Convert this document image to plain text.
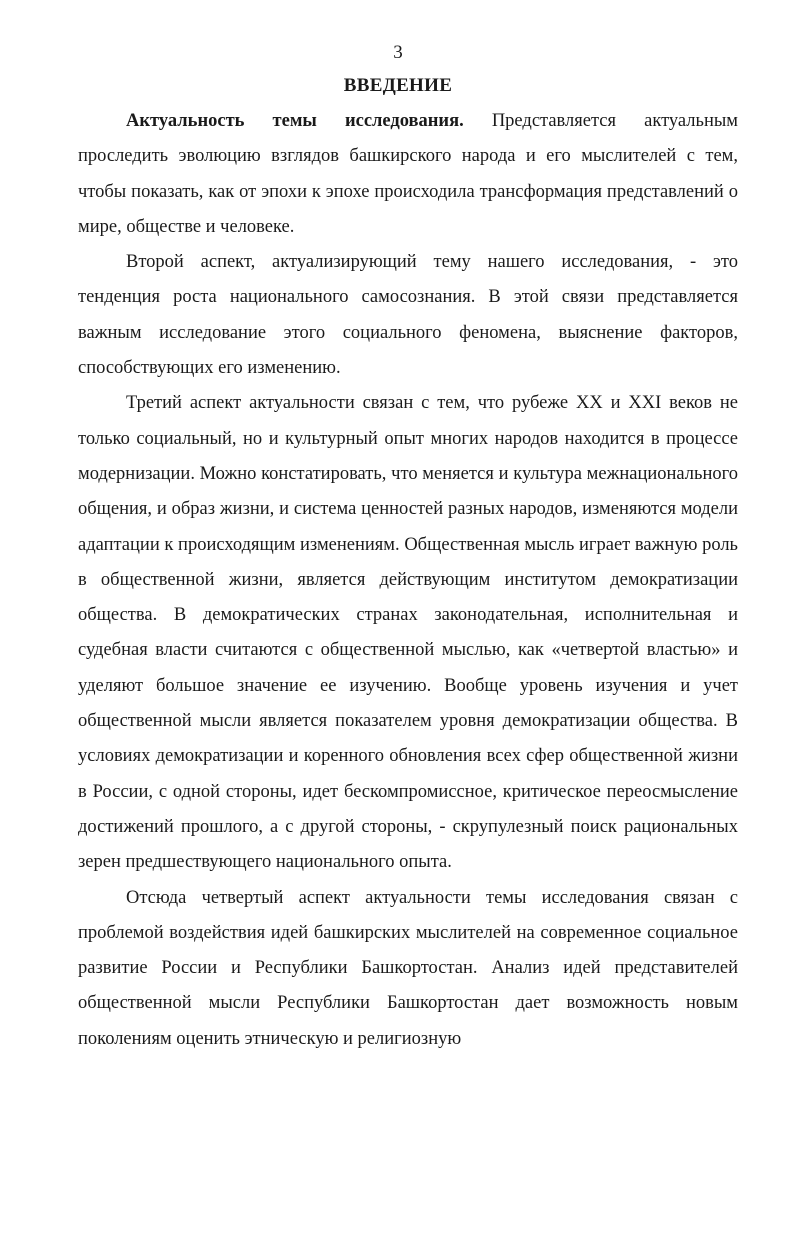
3
ВВЕДЕНИЕ

Актуальность темы исследования. Представляется актуальным проследить эволюцию взглядов башкирского народа и его мыслителей с тем, чтобы показать, как от эпохи к эпохе происходила трансформация представлений о мире, обществе и человеке.

Второй аспект, актуализирующий тему нашего исследования, - это тенденция роста национального самосознания. В этой связи представляется важным исследование этого социального феномена, выяснение факторов, способствующих его изменению.

Третий аспект актуальности связан с тем, что рубеже XX и XXI веков не только социальный, но и культурный опыт многих народов находится в процессе модернизации. Можно констатировать, что меняется и культура межнационального общения, и образ жизни, и система ценностей разных народов, изменяются модели адаптации к происходящим изменениям. Общественная мысль играет важную роль в общественной жизни, является действующим институтом демократизации общества. В демократических странах законодательная, исполнительная и судебная власти считаются с общественной мыслью, как «четвертой властью» и уделяют большое значение ее изучению. Вообще уровень изучения и учет общественной мысли является показателем уровня демократизации общества. В условиях демократизации и коренного обновления всех сфер общественной жизни в России, с одной стороны, идет бескомпромиссное, критическое переосмысление достижений прошлого, а с другой стороны, - скрупулезный поиск рациональных зерен предшествующего национального опыта.

Отсюда четвертый аспект актуальности темы исследования связан с проблемой воздействия идей башкирских мыслителей на современное социальное развитие России и Республики Башкортостан. Анализ идей представителей общественной мысли Республики Башкортостан дает возможность новым поколениям оценить этническую и религиозную
